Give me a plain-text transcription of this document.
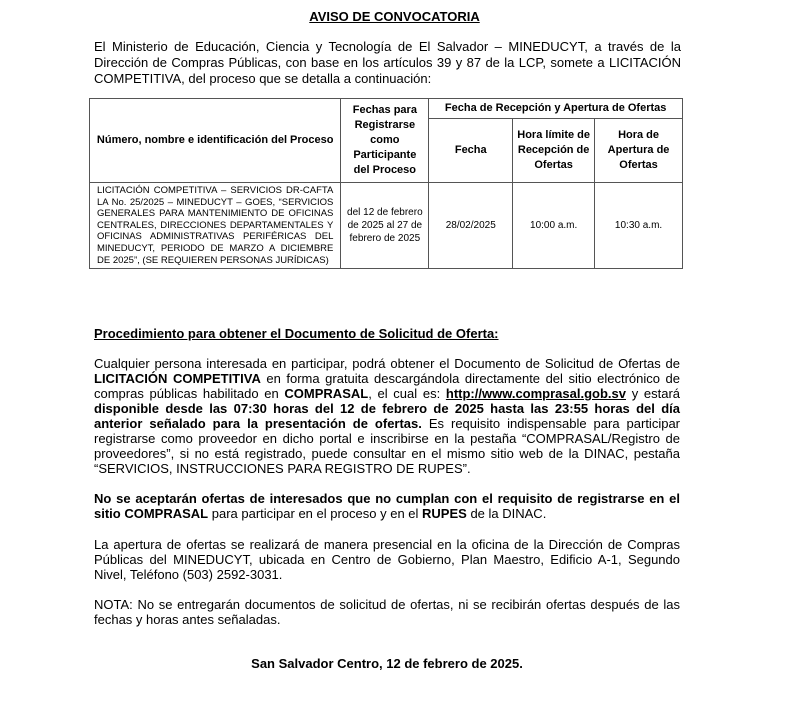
AVISO DE CONVOCATORIA
El Ministerio de Educación, Ciencia y Tecnología de El Salvador – MINEDUCYT, a través de la Dirección de Compras Públicas, con base en los artículos 39 y 87 de la LCP, somete a LICITACIÓN COMPETITIVA, del proceso que se detalla a continuación:
Número, nombre e identificación del Proceso	Fechas para Registrarse como Participante del Proceso	Fecha de Recepción y Apertura de Ofertas		
		Fecha	Hora límite de Recepción de Ofertas	Hora de Apertura de Ofertas
LICITACIÓN COMPETITIVA – SERVICIOS DR-CAFTA LA No. 25/2025 – MINEDUCYT – GOES, “SERVICIOS GENERALES PARA MANTENIMIENTO DE OFICINAS CENTRALES, DIRECCIONES DEPARTAMENTALES Y OFICINAS ADMINISTRATIVAS PERIFÉRICAS DEL MINEDUCYT, PERIODO DE MARZO A DICIEMBRE DE 2025”, (SE REQUIEREN PERSONAS JURÍDICAS)	del 12 de febrero de 2025 al 27 de febrero de 2025	28/02/2025	10:00 a.m.	10:30 a.m.
Procedimiento para obtener el Documento de Solicitud de Oferta:
Cualquier persona interesada en participar, podrá obtener el Documento de Solicitud de Ofertas de LICITACIÓN COMPETITIVA en forma gratuita descargándola directamente del sitio electrónico de compras públicas habilitado en COMPRASAL, el cual es: http://www.comprasal.gob.sv y estará disponible desde las 07:30 horas del 12 de febrero de 2025 hasta las 23:55 horas del día anterior señalado para la presentación de ofertas. Es requisito indispensable para participar registrarse como proveedor en dicho portal e inscribirse en la pestaña “COMPRASAL/Registro de proveedores”, si no está registrado, puede consultar en el mismo sitio web de la DINAC, pestaña “SERVICIOS, INSTRUCCIONES PARA REGISTRO DE RUPES”.
No se aceptarán ofertas de interesados que no cumplan con el requisito de registrarse en el sitio COMPRASAL para participar en el proceso y en el RUPES de la DINAC.
La apertura de ofertas se realizará de manera presencial en la oficina de la Dirección de Compras Públicas del MINEDUCYT, ubicada en Centro de Gobierno, Plan Maestro, Edificio A-1, Segundo Nivel, Teléfono (503) 2592-3031.
NOTA: No se entregarán documentos de solicitud de ofertas, ni se recibirán ofertas después de las fechas y horas antes señaladas.
San Salvador Centro, 12 de febrero de 2025.
